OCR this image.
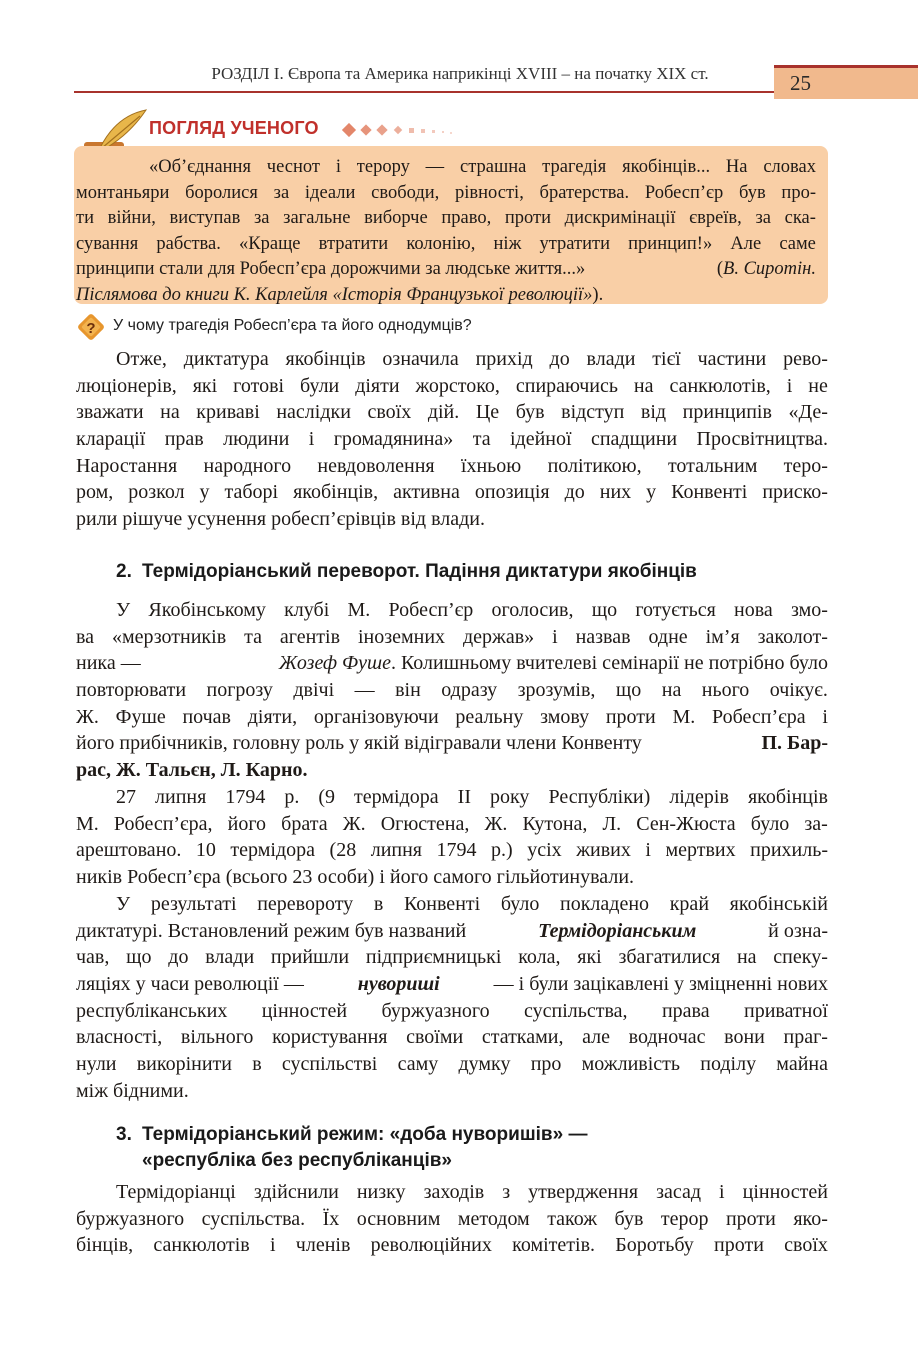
РОЗДІЛ І. Європа та Америка наприкінці XVIII – на початку XIX ст.	25
ПОГЛЯД УЧЕНОГО
«Об’єднання чеснот і терору — страшна трагедія якобінців... На словах
монтаньяри боролися за ідеали свободи, рівності, братерства. Робесп’єр був про-
ти війни, виступав за загальне виборче право, проти дискримінації євреїв, за ска-
сування рабства. «Краще втратити колонію, ніж утратити принцип!» Але саме
принципи стали для Робесп’єра дорожчими за людське життя...»	(В. Сиротін.
Післямова до книги К. Карлейля «Історія Французької революції» ).
? У чому трагедія Робесп’єра та його однодумців?
Отже, диктатура якобінців означила прихід до влади тієї частини рево-
люціонерів, які готові були діяти жорстоко, спираючись на санкюлотів, і не
зважати на криваві наслідки своїх дій. Це був відступ від принципів «Де-
кларації прав людини і громадянина» та ідейної спадщини Просвітництва.
Наростання народного невдоволення їхньою політикою, тотальним теро-
ром, розкол у таборі якобінців, активна опозиція до них у Конвенті приско-
рили рішуче усунення робесп’єрівців від влади.
2. Термідоріанський переворот. Падіння диктатури якобінців
У Якобінському клубі М. Робесп’єр оголосив, що готується нова змо-
ва «мерзотників та агентів іноземних держав» і назвав одне ім’я заколот-
ника —	Жозеф Фуше. Колишньому вчителеві семінарії не потрібно було
повторювати погрозу двічі — він одразу зрозумів, що на нього очікує.
Ж. Фуше почав діяти, організовуючи реальну змову проти М. Робесп’єра і
його прибічників, головну роль у якій відігравали члени Конвенту	П. Бар-
рас, Ж. Тальєн, Л. Карно.
27 липня 1794 р. (9 термідора ІІ року Республіки) лідерів якобінців
М. Робесп’єра, його брата Ж. Огюстена, Ж. Кутона, Л. Сен-Жюста було за-
арештовано. 10 термідора (28 липня 1794 р.) усіх живих і мертвих прихиль-
ників Робесп’єра (всього 23 особи) і його самого гільйотинували.
У результаті перевороту в Конвенті було покладено край якобінській
диктатурі. Встановлений режим був названий	Термідоріанським	й озна-
чав, що до влади прийшли підприємницькі кола, які збагатилися на спеку-
ляціях у часи революції —	нувориші	— і були зацікавлені у зміцненні нових
республіканських цінностей буржуазного суспільства, права приватної
власності, вільного користування своїми статками, але водночас вони праг-
нули викорінити в суспільстві саму думку про можливість поділу майна
між бідними.
3. Термідоріанський режим: «доба нуворишів» —
«республіка без республіканців»
Термідоріанці здійснили низку заходів з утвердження засад і цінностей
буржуазного суспільства. Їх основним методом також був терор проти яко-
бінців, санкюлотів і членів революційних комітетів. Боротьбу проти своїх
